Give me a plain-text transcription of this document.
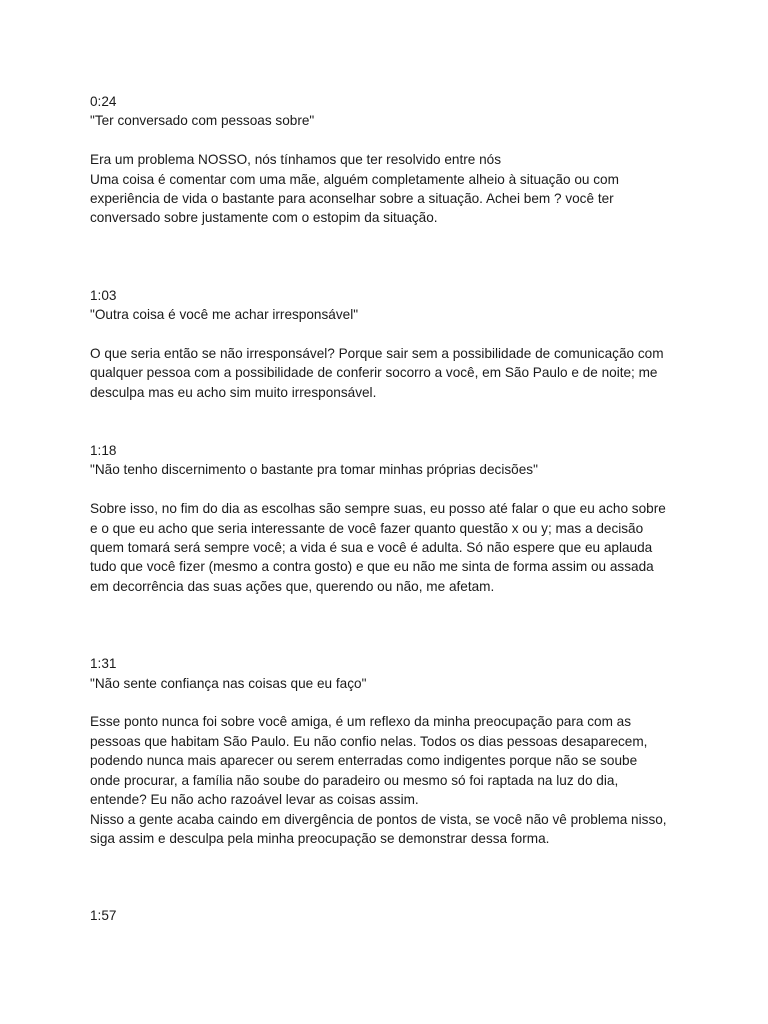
0:24

"Ter conversado com pessoas sobre"

Era um problema NOSSO, nós tínhamos que ter resolvido entre nós

Uma coisa é comentar com uma mãe, alguém completamente alheio à situação ou com

experiência de vida o bastante para aconselhar sobre a situação. Achei bem ? você ter

conversado sobre justamente com o estopim da situação.

1:03

"Outra coisa é você me achar irresponsável"

O que seria então se não irresponsável? Porque sair sem a possibilidade de comunicação com

qualquer pessoa com a possibilidade de conferir socorro a você, em São Paulo e de noite; me

desculpa mas eu acho sim muito irresponsável.

1:18

"Não tenho discernimento o bastante pra tomar minhas próprias decisões"

Sobre isso, no fim do dia as escolhas são sempre suas, eu posso até falar o que eu acho sobre

e o que eu acho que seria interessante de você fazer quanto questão x ou y; mas a decisão

quem tomará será sempre você; a vida é sua e você é adulta. Só não espere que eu aplauda

tudo que você fizer (mesmo a contra gosto) e que eu não me sinta de forma assim ou assada

em decorrência das suas ações que, querendo ou não, me afetam.

1:31

"Não sente confiança nas coisas que eu faço"

Esse ponto nunca foi sobre você amiga, é um reflexo da minha preocupação para com as

pessoas que habitam São Paulo. Eu não confio nelas. Todos os dias pessoas desaparecem,

podendo nunca mais aparecer ou serem enterradas como indigentes porque não se soube

onde procurar, a família não soube do paradeiro ou mesmo só foi raptada na luz do dia,

entende? Eu não acho razoável levar as coisas assim.

Nisso a gente acaba caindo em divergência de pontos de vista, se você não vê problema nisso,

siga assim e desculpa pela minha preocupação se demonstrar dessa forma.

1:57
